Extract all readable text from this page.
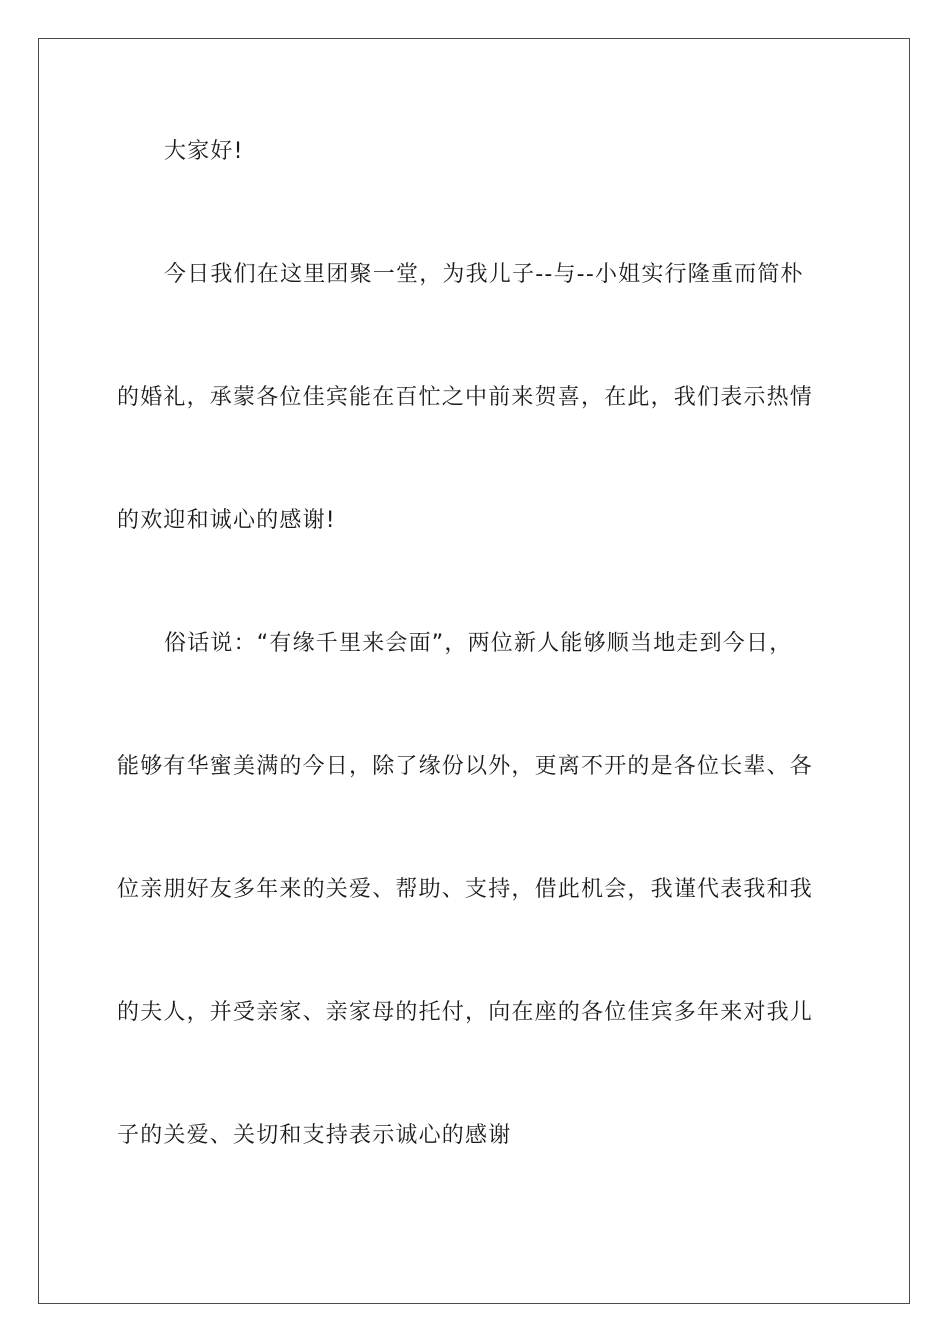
大家好!

今日我们在这里团聚一堂，为我儿子--与--小姐实行隆重而简朴

的婚礼，承蒙各位佳宾能在百忙之中前来贺喜，在此，我们表示热情

的欢迎和诚心的感谢!

俗话说：“有缘千里来会面”，两位新人能够顺当地走到今日，

能够有华蜜美满的今日，除了缘份以外，更离不开的是各位长辈、各

位亲朋好友多年来的关爱、帮助、支持，借此机会，我谨代表我和我

的夫人，并受亲家、亲家母的托付，向在座的各位佳宾多年来对我儿

子的关爱、关切和支持表示诚心的感谢
